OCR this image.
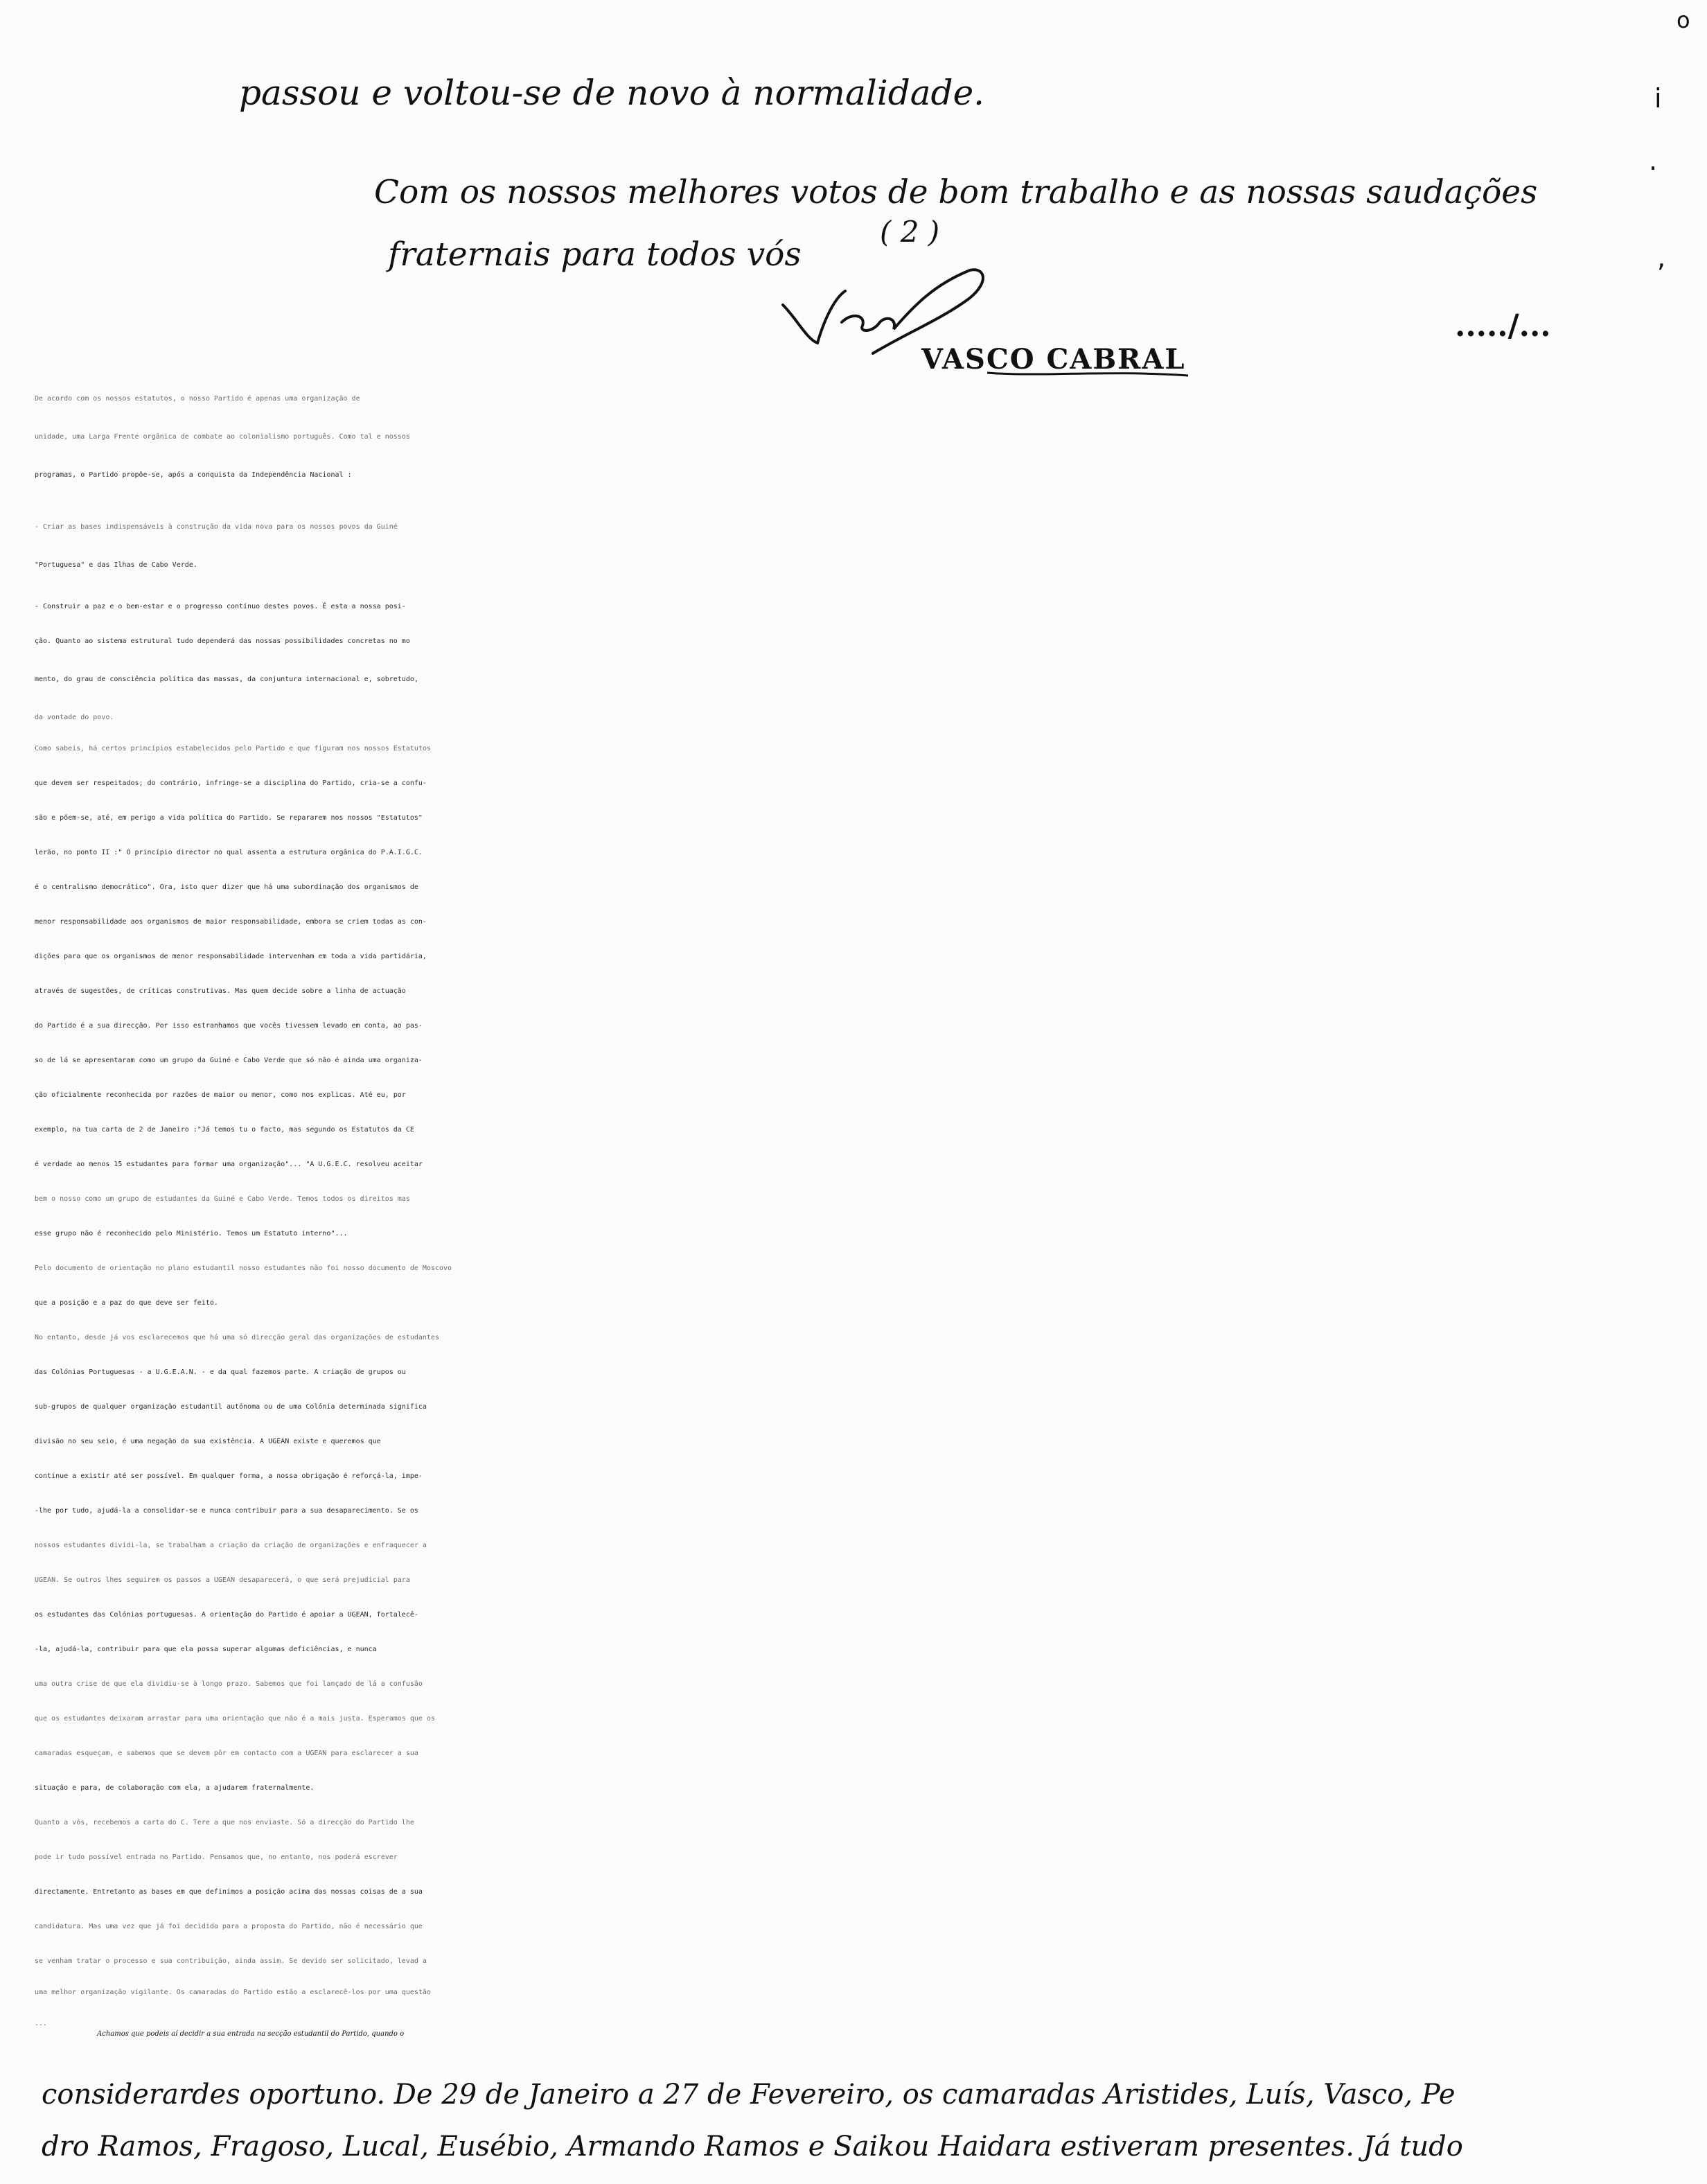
o
i
.
,
passou e voltou-se de novo à normalidade.
Com os nossos melhores votos de bom trabalho e as nossas saudações
fraternais para todos vós
( 2 )
...../...
VASCO CABRAL
De acordo com os nossos estatutos, o nosso Partido é apenas uma organização de
unidade, uma Larga Frente orgânica de combate ao colonialismo português. Como tal e nossos
programas, o Partido propõe-se, após a conquista da Independência Nacional :
- Criar as bases indispensáveis à construção da vida nova para os nossos povos da Guiné
"Portuguesa" e das Ilhas de Cabo Verde.
- Construir a paz e o bem-estar e o progresso contínuo destes povos. É esta a nossa posi-
ção. Quanto ao sistema estrutural tudo dependerá das nossas possibilidades concretas no mo
mento, do grau de consciência política das massas, da conjuntura internacional e, sobretudo,
da vontade do povo.
Como sabeis, há certos princípios estabelecidos pelo Partido e que figuram nos nossos Estatutos
que devem ser respeitados; do contrário, infringe-se a disciplina do Partido, cria-se a confu-
são e põem-se, até, em perigo a vida política do Partido. Se repararem nos nossos "Estatutos"
lerão, no ponto II :" O princípio director no qual assenta a estrutura orgânica do P.A.I.G.C.
é o centralismo democrático". Ora, isto quer dizer que há uma subordinação dos organismos de
menor responsabilidade aos organismos de maior responsabilidade, embora se criem todas as con-
dições para que os organismos de menor responsabilidade intervenham em toda a vida partidária,
através de sugestões, de críticas construtivas. Mas quem decide sobre a linha de actuação
do Partido é a sua direcção. Por isso estranhamos que vocês tivessem levado em conta, ao pas-
so de lá se apresentaram como um grupo da Guiné e Cabo Verde que só não é ainda uma organiza-
ção oficialmente reconhecida por razões de maior ou menor, como nos explicas. Até eu, por
exemplo, na tua carta de 2 de Janeiro :"Já temos tu o facto, mas segundo os Estatutos da CE
é verdade ao menos 15 estudantes para formar uma organização"... "A U.G.E.C. resolveu aceitar
bem o nosso como um grupo de estudantes da Guiné e Cabo Verde. Temos todos os direitos mas
esse grupo não é reconhecido pelo Ministério. Temos um Estatuto interno"...
Pelo documento de orientação no plano estudantil nosso estudantes não foi nosso documento de Moscovo
que a posição e a paz do que deve ser feito.
No entanto, desde já vos esclarecemos que há uma só direcção geral das organizações de estudantes
das Colónias Portuguesas - a U.G.E.A.N. - e da qual fazemos parte. A criação de grupos ou
sub-grupos de qualquer organização estudantil autónoma ou de uma Colónia determinada significa
divisão no seu seio, é uma negação da sua existência. A UGEAN existe e queremos que
continue a existir até ser possível. Em qualquer forma, a nossa obrigação é reforçá-la, impe-
-lhe por tudo, ajudá-la a consolidar-se e nunca contribuir para a sua desaparecimento. Se os
nossos estudantes dividi-la, se trabalham a criação da criação de organizações e enfraquecer a
UGEAN. Se outros lhes seguirem os passos a UGEAN desaparecerá, o que será prejudicial para
os estudantes das Colónias portuguesas. A orientação do Partido é apoiar a UGEAN, fortalecê-
-la, ajudá-la, contribuir para que ela possa superar algumas deficiências, e nunca
uma outra crise de que ela dividiu-se à longo prazo. Sabemos que foi lançado de lá a confusão
que os estudantes deixaram arrastar para uma orientação que não é a mais justa. Esperamos que os
camaradas esqueçam, e sabemos que se devem pôr em contacto com a UGEAN para esclarecer a sua
situação e para, de colaboração com ela, a ajudarem fraternalmente.
Quanto a vós, recebemos a carta do C. Tere a que nos enviaste. Só a direcção do Partido lhe
pode ir tudo possível entrada no Partido. Pensamos que, no entanto, nos poderá escrever
directamente. Entretanto as bases em que definimos a posição acima das nossas coisas de a sua
candidatura. Mas uma vez que já foi decidida para a proposta do Partido, não é necessário que
se venham tratar o processo e sua contribuição, ainda assim. Se devido ser solicitado, levad a
uma melhor organização vigilante. Os camaradas do Partido estão a esclarecê-los por uma questão
...
Achamos que podeis aí decidir a sua entrada na secção estudantil do Partido, quando o
considerardes oportuno. De 29 de Janeiro a 27 de Fevereiro, os camaradas Aristides, Luís, Vasco, Pe
dro Ramos, Fragoso, Lucal, Eusébio, Armando Ramos e Saikou Haidara estiveram presentes. Já tudo
